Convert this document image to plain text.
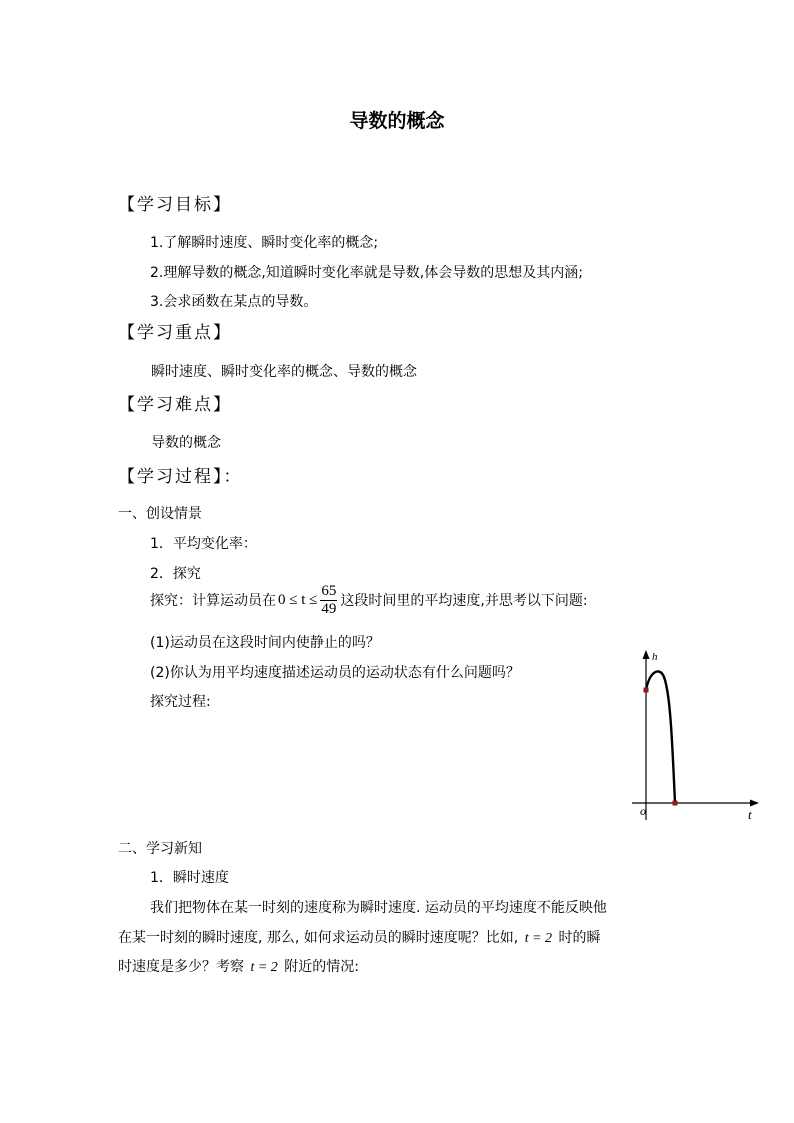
导数的概念
【学习目标】
1.了解瞬时速度、瞬时变化率的概念;
2.理解导数的概念,知道瞬时变化率就是导数,体会导数的思想及其内涵;
3.会求函数在某点的导数。
【学习重点】
瞬时速度、瞬时变化率的概念、导数的概念
【学习难点】
导数的概念
【学习过程】：
一、创设情景
1．平均变化率：
2．探究
探究：计算运动员在 $0 \le t \le \frac{65}{49}$ 这段时间里的平均速度,并思考以下问题:
(1)运动员在这段时间内使静止的吗？
(2)你认为用平均速度描述运动员的运动状态有什么问题吗？
探究过程:
h
t
o
二、学习新知
1．瞬时速度
我们把物体在某一时刻的速度称为瞬时速度. 运动员的平均速度不能反映他
在某一时刻的瞬时速度, 那么, 如何求运动员的瞬时速度呢？比如, t = 2 时的瞬
时速度是多少？考察 t = 2 附近的情况:
